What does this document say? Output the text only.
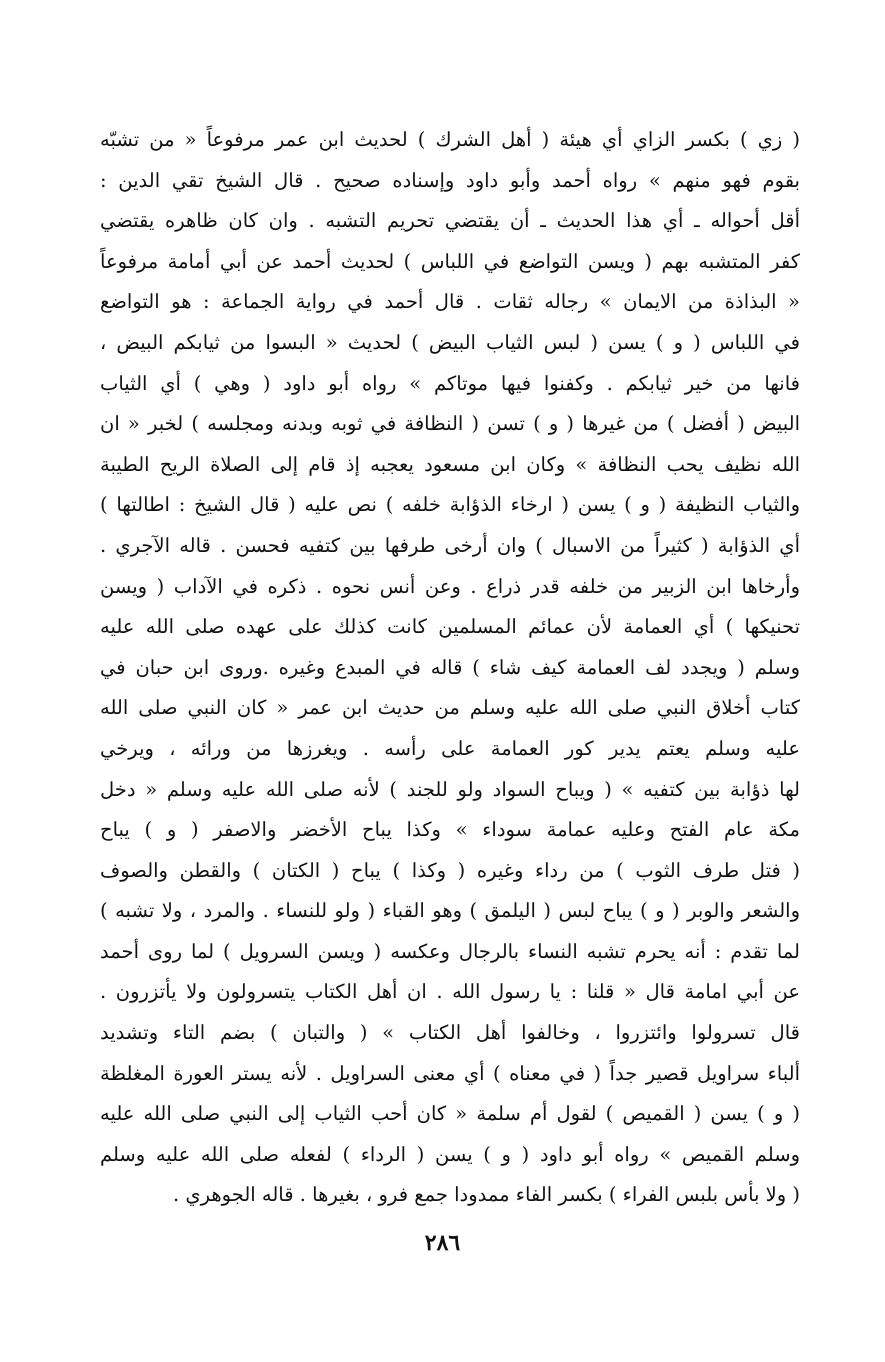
( زي ) بكسر الزاي أي هيئة ( أهل الشرك ) لحديث ابن عمر مرفوعاً « من تشبّه
بقوم فهو منهم » رواه أحمد وأبو داود وإسناده صحيح . قال الشيخ تقي الدين :
أقل أحواله ـ أي هذا الحديث ـ أن يقتضي تحريم التشبه . وان كان ظاهره يقتضي
كفر المتشبه بهم ( ويسن التواضع في اللباس ) لحديث أحمد عن أبي أمامة مرفوعاً
« البذاذة من الايمان » رجاله ثقات . قال أحمد في رواية الجماعة : هو التواضع
في اللباس ( و ) يسن ( لبس الثياب البيض ) لحديث « البسوا من ثيابكم البيض ،
فانها من خير ثيابكم . وكفنوا فيها موتاكم » رواه أبو داود ( وهي ) أي الثياب
البيض ( أفضل ) من غيرها ( و ) تسن ( النظافة في ثوبه وبدنه ومجلسه ) لخبر « ان
الله نظيف يحب النظافة » وكان ابن مسعود يعجبه إذ قام إلى الصلاة الريح الطيبة
والثياب النظيفة ( و ) يسن ( ارخاء الذؤابة خلفه ) نص عليه ( قال الشيخ : اطالتها )
أي الذؤابة ( كثيراً من الاسبال ) وان أرخى طرفها بين كتفيه فحسن . قاله الآجري .
وأرخاها ابن الزبير من خلفه قدر ذراع . وعن أنس نحوه . ذكره في الآداب ( ويسن
تحنيكها ) أي العمامة لأن عمائم المسلمين كانت كذلك على عهده صلى الله عليه
وسلم ( ويجدد لف العمامة كيف شاء ) قاله في المبدع وغيره .وروى ابن حبان في
كتاب أخلاق النبي صلى الله عليه وسلم من حديث ابن عمر « كان النبي صلى الله
عليه وسلم يعتم يدير كور العمامة على رأسه . ويغرزها من ورائه ، ويرخي
لها ذؤابة بين كتفيه » ( ويباح السواد ولو للجند ) لأنه صلى الله عليه وسلم « دخل
مكة عام الفتح وعليه عمامة سوداء » وكذا يباح الأخضر والاصفر ( و ) يباح
( فتل طرف الثوب ) من رداء وغيره ( وكذا ) يباح ( الكتان ) والقطن والصوف
والشعر والوبر ( و ) يباح لبس ( اليلمق ) وهو القباء ( ولو للنساء . والمرد ، ولا تشبه )
لما تقدم : أنه يحرم تشبه النساء بالرجال وعكسه ( ويسن السرويل ) لما روى أحمد
عن أبي امامة قال « قلنا : يا رسول الله . ان أهل الكتاب يتسرولون ولا يأتزرون .
قال تسرولوا وائتزروا ، وخالفوا أهل الكتاب » ( والتبان ) بضم التاء وتشديد
ألباء سراويل قصير جداً ( في معناه ) أي معنى السراويل . لأنه يستر العورة المغلظة
( و ) يسن ( القميص ) لقول أم سلمة « كان أحب الثياب إلى النبي صلى الله عليه
وسلم القميص » رواه أبو داود ( و ) يسن ( الرداء ) لفعله صلى الله عليه وسلم
( ولا بأس بلبس الفراء ) بكسر الفاء ممدودا جمع فرو ، بغيرها . قاله الجوهري .
٢٨٦
